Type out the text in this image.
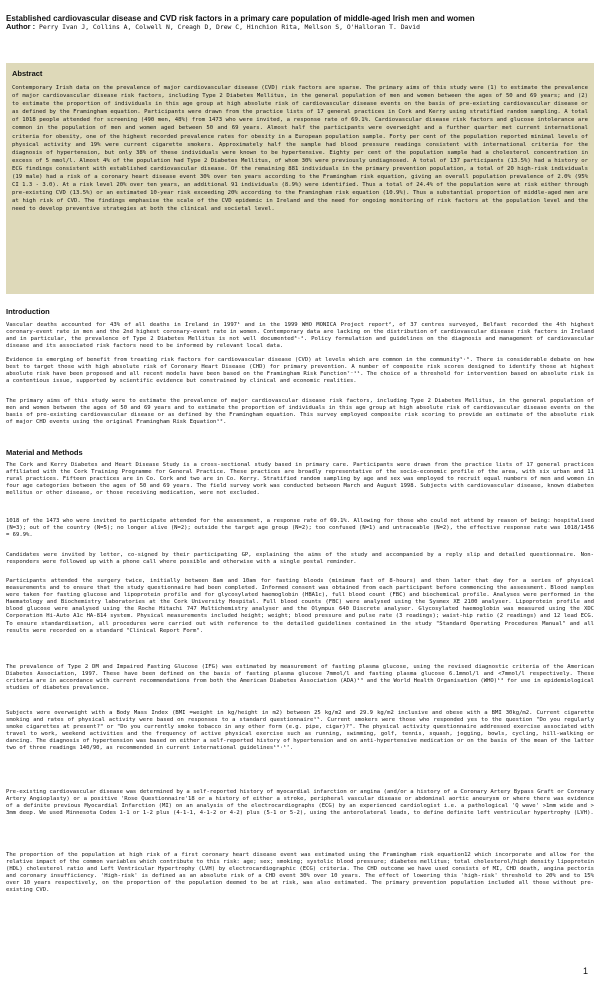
Established cardiovascular disease and CVD risk factors in a primary care population of middle-aged Irish men and women
Author : Perry Ivan J, Collins A, Colwell N, Creagh D, Drew C, Hinchion Rita, Mellson S, O'Halloran T. David
Abstract
Contemporary Irish data on the prevalence of major cardiovascular disease (CVD) risk factors are sparse. The primary aims of this study were (1) to estimate the prevalence of major cardiovascular disease risk factors, including Type 2 Diabetes Mellitus, in the general population of men and women between the ages of 50 and 69 years; and (2) to estimate the proportion of individuals in this age group at high absolute risk of cardiovascular disease events on the basis of pre-existing cardiovascular disease or as defined by the Framingham equation. Participants were drawn from the practice lists of 17 general practices in Cork and Kerry using stratified random sampling. A total of 1018 people attended for screening (490 men, 48%) from 1473 who were invited, a response rate of 69.1%. Cardiovascular disease risk factors and glucose intolerance are common in the population of men and women aged between 50 and 69 years. Almost half the participants were overweight and a further quarter met current international criteria for obesity, one of the highest recorded prevalence rates for obesity in a European population sample. Forty per cent of the population reported minimal levels of physical activity and 19% were current cigarette smokers. Approximately half the sample had blood pressure readings consistent with international criteria for the diagnosis of hypertension, but only 38% of these individuals were known to be hypertensive. Eighty per cent of the population sample had a cholesterol concentration in excess of 5 mmol/l. Almost 4% of the population had Type 2 Diabetes Mellitus, of whom 30% were previously undiagnosed. A total of 137 participants (13.5%) had a history or ECG findings consistent with established cardiovascular disease. Of the remaining 881 individuals in the primary prevention population, a total of 20 high-risk individuals (19 male) had a risk of a coronary heart disease event 30% over ten years according to the Framingham risk equation, giving an overall population prevalence of 2.0% (95% CI 1.3 - 3.0). At a risk level 20% over ten years, an additional 91 individuals (8.9%) were identified. Thus a total of 24.4% of the population were at risk either through pre-existing CVD (13.5%) or an estimated 10-year risk exceeding 20% according to the Framingham risk equation (10.9%). Thus a substantial proportion of middle-aged men are at high risk of CVD. The findings emphasise the scale of the CVD epidemic in Ireland and the need for ongoing monitoring of risk factors at the population level and the need to develop preventive strategies at both the clinical and societal level.
Introduction
Vascular deaths accounted for 43% of all deaths in Ireland in 1997¹ and in the 1999 WHO MONICA Project report², of 37 centres surveyed, Belfast recorded the 4th highest coronary-event rate in men and the 2nd highest coronary-event rate in women. Contemporary data are lacking on the distribution of cardiovascular disease risk factors in Ireland and in particular, the prevalence of Type 2 Diabetes Mellitus is not well documented³˒⁴. Policy formulation and guidelines on the diagnosis and management of cardiovascular disease and its associated risk factors need to be informed by relevant local data.
Evidence is emerging of benefit from treating risk factors for cardiovascular disease (CVD) at levels which are common in the community⁵˒⁶. There is considerable debate on how best to target those with high absolute risk of Coronary Heart Disease (CHD) for primary prevention. A number of composite risk scores designed to identify those at highest absolute risk have been proposed and all recent models have been based on the Framingham Risk Function⁷⁻¹¹. The choice of a threshold for intervention based on absolute risk is a contentious issue, supported by scientific evidence but constrained by clinical and economic realities.
The primary aims of this study were to estimate the prevalence of major cardiovascular disease risk factors, including Type 2 Diabetes Mellitus, in the general population of men and women between the ages of 50 and 69 years and to estimate the proportion of individuals in this age group at high absolute risk of cardiovascular disease events on the basis of pre-existing cardiovascular disease or as defined by the Framingham equation. This survey employed composite risk scoring to provide an estimate of the absolute risk of major CHD events using the original Framingham Risk Equation¹².
Material and Methods
The Cork and Kerry Diabetes and Heart Disease Study is a cross-sectional study based in primary care. Participants were drawn from the practice lists of 17 general practices affiliated with the Cork Training Programme for General Practice. These practices are broadly representative of the socio-economic profile of the area, with six urban and 11 rural practices. Fifteen practices are in Co. Cork and two are in Co. Kerry. Stratified random sampling by age and sex was employed to recruit equal numbers of men and women in four age categories between the ages of 50 and 69 years. The field survey work was conducted between March and August 1998. Subjects with cardiovascular disease, known diabetes mellitus or other disease, or those receiving medication, were not excluded.
1018 of the 1473 who were invited to participate attended for the assessment, a response rate of 69.1%. Allowing for those who could not attend by reason of being: hospitalised (N=3); out of the country (N=5); no longer alive (N=2); outside the target age group (N=2); too confused (N=1) and untraceable (N=2), the effective response rate was 1018/1456 = 69.9%.
Candidates were invited by letter, co-signed by their participating GP, explaining the aims of the study and accompanied by a reply slip and detailed questionnaire. Non-responders were followed up with a phone call where possible and otherwise with a single postal reminder.
Participants attended the surgery twice, initially between 8am and 10am for fasting bloods (minimum fast of 8-hours) and then later that day for a series of physical measurements and to ensure that the study questionnaire had been completed. Informed consent was obtained from each participant before commencing the assessment. Blood samples were taken for fasting glucose and lipoprotein profile and for glycosylated haemoglobin (HBA1c), full blood count (FBC) and biochemical profile. Analyses were performed in the Haematology and Biochemistry laboratories at the Cork University Hospital. Full blood counts (FBC) were analysed using the Sysmex XE 2100 analyser. Lipoprotein profile and blood glucose were analysed using the Roche Hitachi 747 Multichemistry analyser and the Olympus 640 Discrete analyser. Glycosylated haemoglobin was measured using the XDC Corporation Hi-Auto A1c HA-814 system. Physical measurements included height; weight; blood pressure and pulse rate (3 readings); waist-hip ratio (2 readings) and 12 lead ECG. To ensure standardisation, all procedures were carried out with reference to the detailed guidelines contained in the study "Standard Operating Procedures Manual" and all results were recorded on a standard "Clinical Report Form".
The prevalence of Type 2 DM and Impaired Fasting Glucose (IFG) was estimated by measurement of fasting plasma glucose, using the revised diagnostic criteria of the American Diabetes Association, 1997. These have been defined on the basis of fasting plasma glucose 7mmol/l and fasting plasma glucose 6.1mmol/l and <7mmol/l respectively. These criteria are in accordance with current recommendations from both the American Diabetes Association (ADA)¹³ and the World Health Organisation (WHO)¹⁴ for use in epidemiological studies of diabetes prevalence.
Subjects were overweight with a Body Mass Index (BMI =weight in kg/height in m2) between 25 kg/m2 and 29.9 kg/m2 inclusive and obese with a BMI 30kg/m2. Current cigarette smoking and rates of physical activity were based on responses to a standard questionnaire¹⁵. Current smokers were those who responded yes to the question "Do you regularly smoke cigarettes at present?" or "Do you currently smoke tobacco in any other form (e.g. pipe, cigar)?". The physical activity questionnaire addressed exercise associated with travel to work, weekend activities and the frequency of active physical exercise such as running, swimming, golf, tennis, squash, jogging, bowls, cycling, hill-walking or dancing. The diagnosis of hypertension was based on either a self-reported history of hypertension and on anti-hypertensive medication or on the basis of the mean of the latter two of three readings 140/90, as recommended in current international guidelines¹⁶˒¹⁷.
Pre-existing cardiovascular disease was determined by a self-reported history of myocardial infarction or angina (and/or a history of a Coronary Artery Bypass Graft or Coronary Artery Angioplasty) or a positive 'Rose Questionnaire'18 or a history of either a stroke, peripheral vascular disease or abdominal aortic aneurysm or where there was evidence of a definite previous Myocardial Infarction (MI) on an analysis of the electrocardiographs (ECG) by an experienced cardiologist i.e. a pathological 'Q wave' >1mm wide and > 3mm deep. We used Minnesota Codes 1-1 or 1-2 plus (4-1-1, 4-1-2 or 4-2) plus (5-1 or 5-2), using the anterolateral leads, to define definite left ventricular hypertrophy (LVH).
The proportion of the population at high risk of a first coronary heart disease event was estimated using the Framingham risk equation12 which incorporate and allow for the relative impact of the common variables which contribute to this risk: age; sex; smoking; systolic blood pressure; diabetes mellitus; total cholesterol/high density lipoprotein (HDL) cholesterol ratio and Left Ventricular Hypertrophy (LVH) by electrocardiographic (ECG) criteria. The CHD outcome we have used consists of MI, CHD death, angina pectoris and coronary insufficiency. 'High-risk' is defined as an absolute risk of a CHD event 30% over 10 years. The effect of lowering this 'high-risk' threshold to 20% and to 15% over 10 years respectively, on the proportion of the population deemed to be at risk, was also estimated. The primary prevention population included all those without pre-existing CVD.
1
